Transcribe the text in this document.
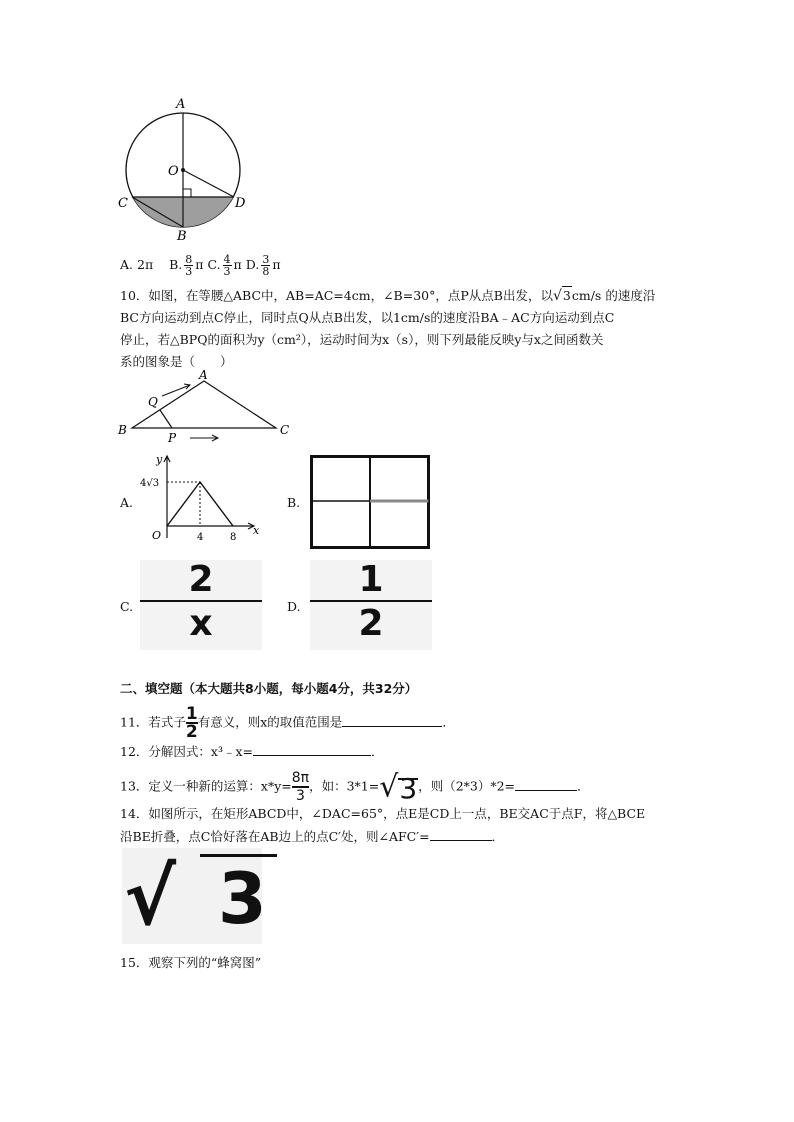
A
O
C	D
B
A. 2π B. $\frac{8}{3}$ π C. $\frac{4}{3}$ π D. $\frac{3}{8}$ π
10．如图，在等腰△ABC中，AB=AC=4cm，∠B=30°，点P从点B出发，以√3cm/s 的速度沿
BC方向运动到点C停止，同时点Q从点B出发，以1cm/s的速度沿BA﹣AC方向运动到点C
停止，若△BPQ的面积为y（cm²），运动时间为x（s），则下列最能反映y与x之间函数关
系的图象是（　　）
A
B	C
P
Q
A.
y
x
4√3
O	4	8
B.
C. $\frac{2}{x} D$. $\frac{1}{2}$
二、填空题（本大题共8小题，每小题4分，共32分）
11．若式子 $\frac{1}{2}$ 有意义，则x的取值范围是	．
12．分解因式：x³﹣x=	．
13．定义一种新的运算：$x*y= \frac{8\pi}{3}$ ，如：3*1=√3，则（2*3）*2=	．
14．如图所示，在矩形ABCD中，∠DAC=65°，点E是CD上一点，BE交AC于点F，将△BCE
沿BE折叠，点C恰好落在AB边上的点C′处，则∠AFC′=	．
√ 3
15．观察下列的“蜂窝图”
